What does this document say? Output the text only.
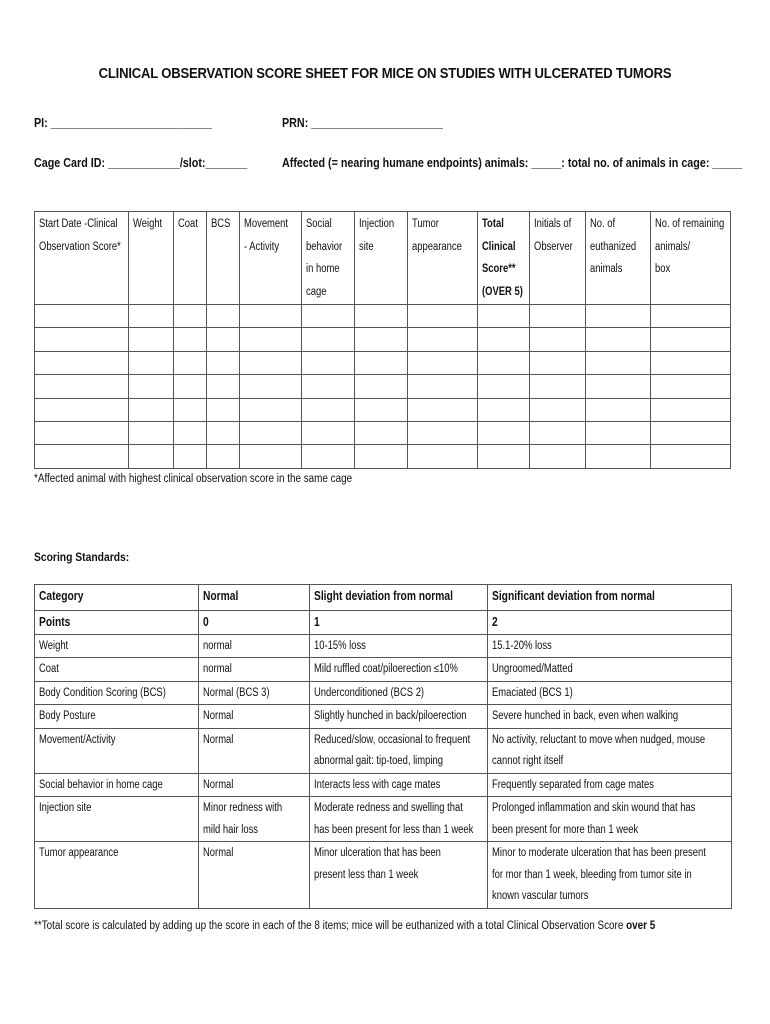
CLINICAL OBSERVATION SCORE SHEET FOR MICE ON STUDIES WITH ULCERATED TUMORS
PI: ___________________________	PRN: ______________________
Cage Card ID: ____________/slot:_______	Affected (= nearing humane endpoints) animals: _____: total no. of animals in cage: _____
Start Date -Clinical
Observation Score*	Weight	Coat	BCS	Movement
- Activity	Social
behavior
in home
cage	Injection
site	Tumor
appearance	Total
Clinical
Score**
(OVER 5)	Initials of
Observer	No. of
euthanized
animals	No. of remaining
animals/
box

*Affected animal with highest clinical observation score in the same cage
Scoring Standards:
Category	Normal	Slight deviation from normal	Significant deviation from normal
Points	0	1	2
Weight	normal	10-15% loss	15.1-20% loss
Coat	normal	Mild ruffled coat/piloerection ≤10%	Ungroomed/Matted
Body Condition Scoring (BCS)	Normal (BCS 3)	Underconditioned (BCS 2)	Emaciated (BCS 1)
Body Posture	Normal	Slightly hunched in back/piloerection	Severe hunched in back, even when walking
Movement/Activity	Normal	Reduced/slow, occasional to frequent
abnormal gait: tip-toed, limping	No activity, reluctant to move when nudged, mouse
cannot right itself
Social behavior in home cage	Normal	Interacts less with cage mates	Frequently separated from cage mates
Injection site	Minor redness with
mild hair loss	Moderate redness and swelling that
has been present for less than 1 week	Prolonged inflammation and skin wound that has
been present for more than 1 week
Tumor appearance	Normal	Minor ulceration that has been
present less than 1 week	Minor to moderate ulceration that has been present
for mor than 1 week, bleeding from tumor site in
known vascular tumors
**Total score is calculated by adding up the score in each of the 8 items; mice will be euthanized with a total Clinical Observation Score over 5
